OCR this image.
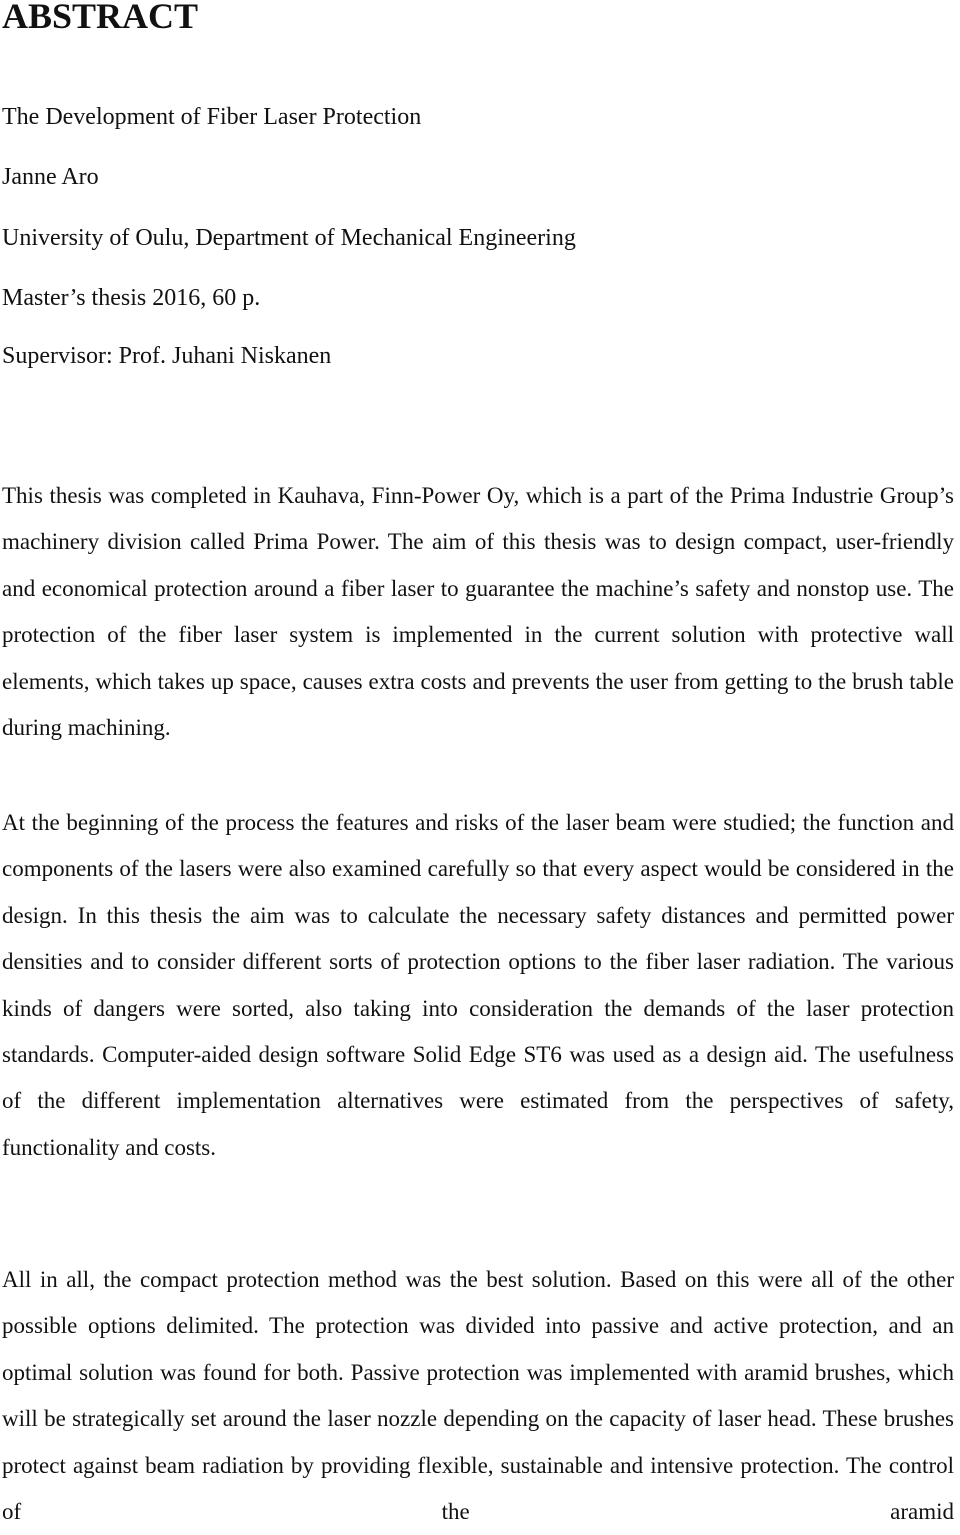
ABSTRACT

The Development of Fiber Laser Protection

Janne Aro

University of Oulu, Department of Mechanical Engineering

Master’s thesis 2016, 60 p.

Supervisor: Prof. Juhani Niskanen

This thesis was completed in Kauhava, Finn-Power Oy, which is a part of the Prima Industrie Group’s machinery division called Prima Power. The aim of this thesis was to design compact, user-friendly and economical protection around a fiber laser to guarantee the machine’s safety and nonstop use. The protection of the fiber laser system is implemented in the current solution with protective wall elements, which takes up space, causes extra costs and prevents the user from getting to the brush table during machining.

At the beginning of the process the features and risks of the laser beam were studied; the function and components of the lasers were also examined carefully so that every aspect would be considered in the design. In this thesis the aim was to calculate the necessary safety distances and permitted power densities and to consider different sorts of protection options to the fiber laser radiation. The various kinds of dangers were sorted, also taking into consideration the demands of the laser protection standards. Computer-aided design software Solid Edge ST6 was used as a design aid. The usefulness of the different implementation alternatives were estimated from the perspectives of safety, functionality and costs.

All in all, the compact protection method was the best solution. Based on this were all of the other possible options delimited. The protection was divided into passive and active protection, and an optimal solution was found for both. Passive protection was implemented with aramid brushes, which will be strategically set around the laser nozzle depending on the capacity of laser head. These brushes protect against beam radiation by providing flexible, sustainable and intensive protection. The control of the aramid
